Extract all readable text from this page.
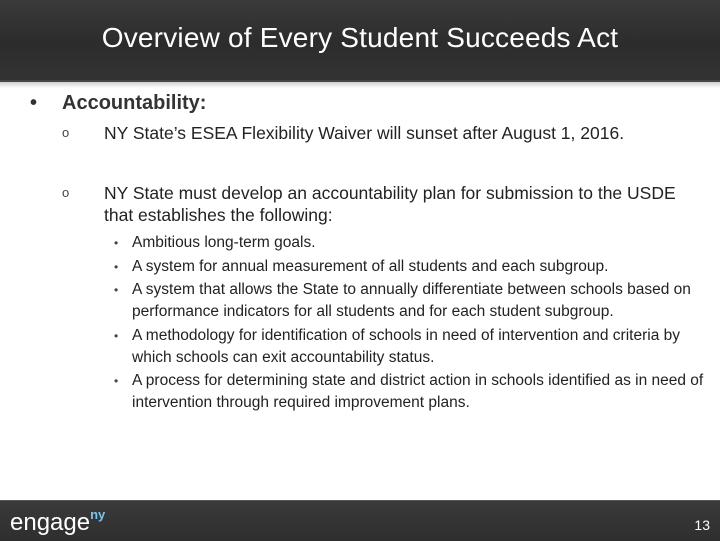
Overview of Every Student Succeeds Act
• Accountability:
o NY State’s ESEA Flexibility Waiver will sunset after August 1, 2016.
o NY State must develop an accountability plan for submission to the USDE that establishes the following:
• Ambitious long-term goals.
• A system for annual measurement of all students and each subgroup.
• A system that allows the State to annually differentiate between schools based on performance indicators for all students and for each student subgroup.
• A methodology for identification of schools in need of intervention and criteria by which schools can exit accountability status.
• A process for determining state and district action in schools identified as in need of intervention through required improvement plans.
engage$^{ny}$
13
